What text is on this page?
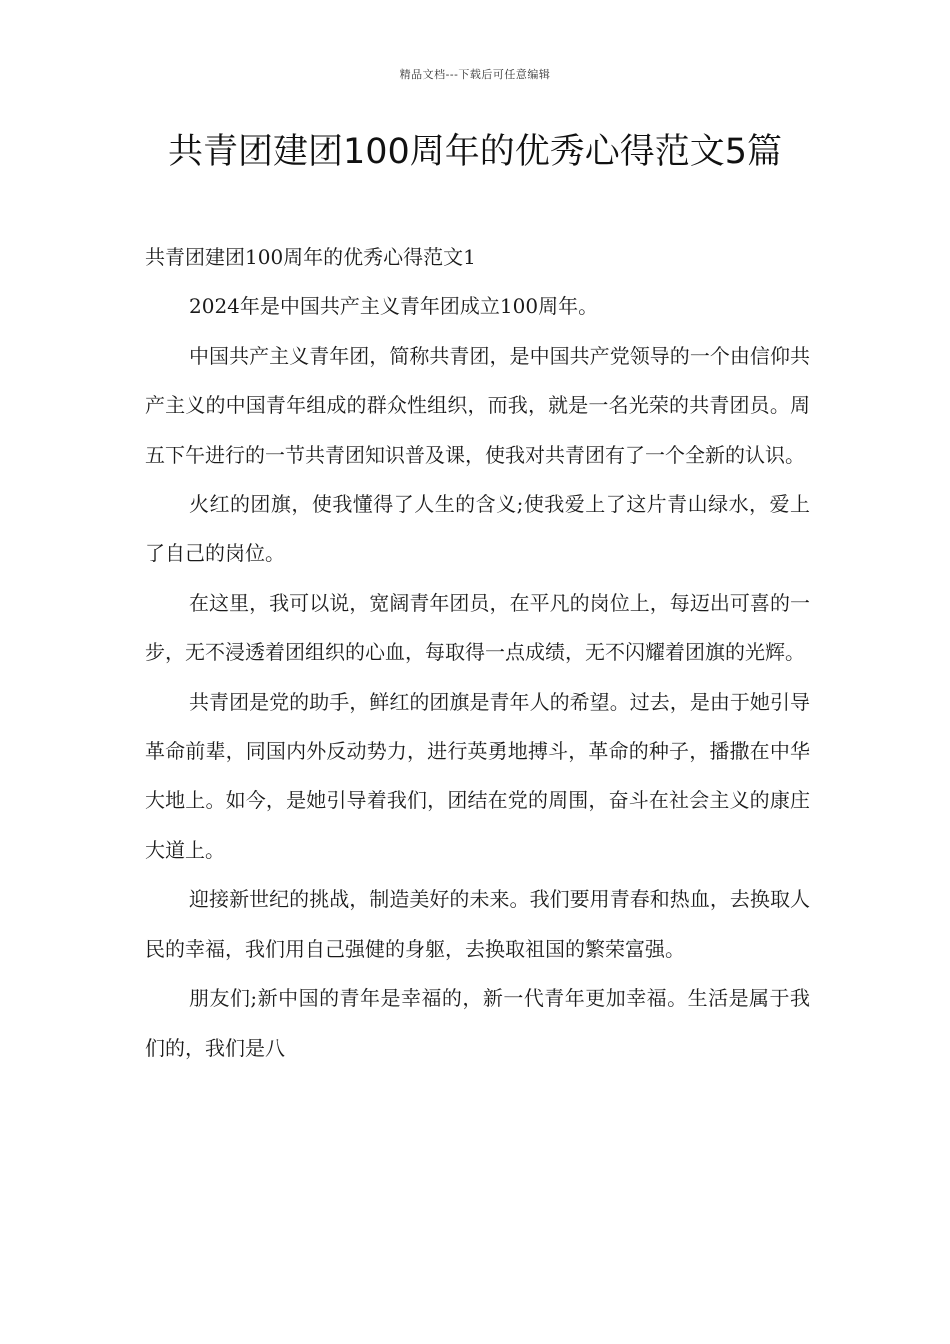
精品文档---下载后可任意编辑
共青团建团100周年的优秀心得范文5篇

共青团建团100周年的优秀心得范文1

2024年是中国共产主义青年团成立100周年。

中国共产主义青年团，简称共青团，是中国共产党领导的一个由信仰共产主义的中国青年组成的群众性组织，而我，就是一名光荣的共青团员。周五下午进行的一节共青团知识普及课，使我对共青团有了一个全新的认识。

火红的团旗，使我懂得了人生的含义;使我爱上了这片青山绿水，爱上了自己的岗位。

在这里，我可以说，宽阔青年团员，在平凡的岗位上，每迈出可喜的一步，无不浸透着团组织的心血，每取得一点成绩，无不闪耀着团旗的光辉。

共青团是党的助手，鲜红的团旗是青年人的希望。过去，是由于她引导革命前辈，同国内外反动势力，进行英勇地搏斗，革命的种子，播撒在中华大地上。如今，是她引导着我们，团结在党的周围，奋斗在社会主义的康庄大道上。

迎接新世纪的挑战，制造美好的未来。我们要用青春和热血，去换取人民的幸福，我们用自己强健的身躯，去换取祖国的繁荣富强。

朋友们;新中国的青年是幸福的，新一代青年更加幸福。生活是属于我们的，我们是八
